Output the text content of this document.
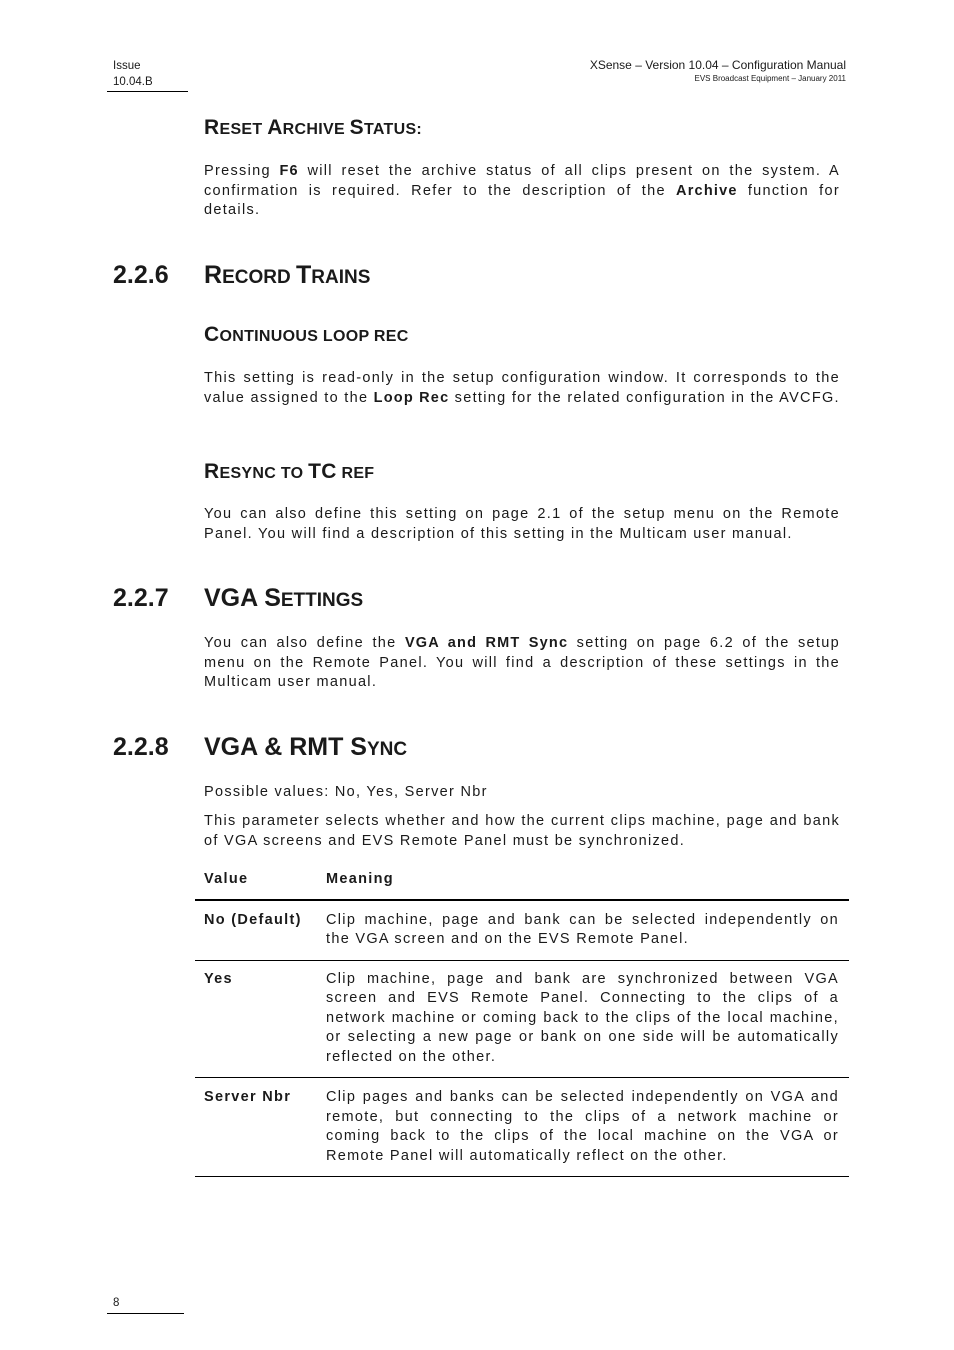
Issue
10.04.B
XSense – Version 10.04 – Configuration Manual
EVS Broadcast Equipment – January 2011
RESET ARCHIVE STATUS:
Pressing F6 will reset the archive status of all clips present on the system. A confirmation is required. Refer to the description of the Archive function for details.
2.2.6 RECORD TRAINS
CONTINUOUS LOOP REC
This setting is read-only in the setup configuration window. It corresponds to the value assigned to the Loop Rec setting for the related configuration in the AVCFG.
RESYNC TO TC REF
You can also define this setting on page 2.1 of the setup menu on the Remote Panel. You will find a description of this setting in the Multicam user manual.
2.2.7 VGA SETTINGS
You can also define the VGA and RMT Sync setting on page 6.2 of the setup menu on the Remote Panel. You will find a description of these settings in the Multicam user manual.
2.2.8 VGA & RMT SYNC
Possible values: No, Yes, Server Nbr
This parameter selects whether and how the current clips machine, page and bank of VGA screens and EVS Remote Panel must be synchronized.
Value	Meaning
No (Default) Clip machine, page and bank can be selected independently on the VGA screen and on the EVS Remote Panel.
Yes	Clip machine, page and bank are synchronized between VGA screen and EVS Remote Panel. Connecting to the clips of a network machine or coming back to the clips of the local machine, or selecting a new page or bank on one side will be automatically reflected on the other.
Server Nbr Clip pages and banks can be selected independently on VGA and remote, but connecting to the clips of a network machine or coming back to the clips of the local machine on the VGA or Remote Panel will automatically reflect on the other.
8
